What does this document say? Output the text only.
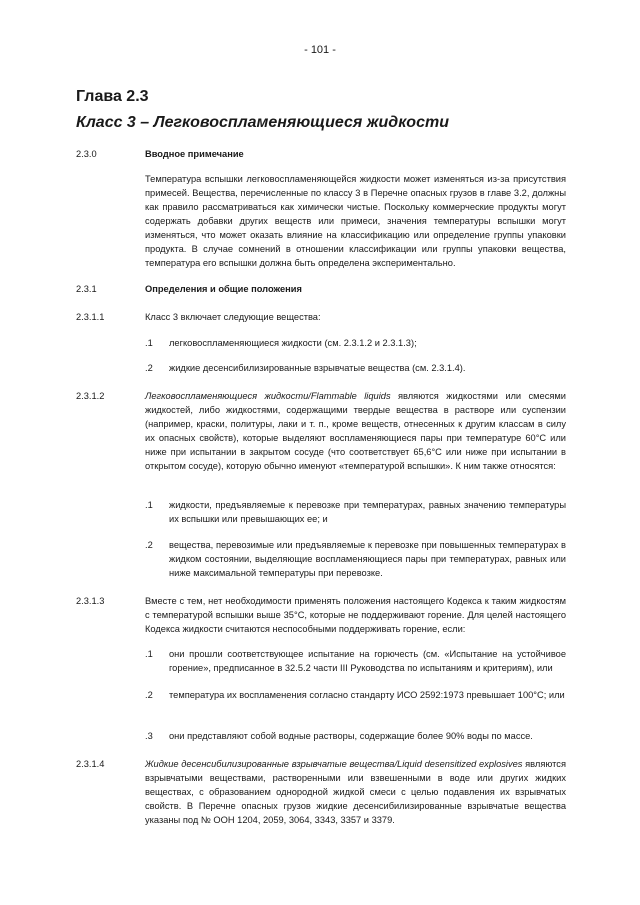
- 101 -
Глава 2.3
Класс 3 – Легковоспламеняющиеся жидкости
2.3.0	Вводное примечание
Температура вспышки легковоспламеняющейся жидкости может изменяться из-за присутствия примесей. Вещества, перечисленные по классу 3 в Перечне опасных грузов в главе 3.2, должны как правило рассматриваться как химически чистые. Поскольку коммерческие продукты могут содержать добавки других веществ или примеси, значения температуры вспышки могут изменяться, что может оказать влияние на классификацию или определение группы упаковки продукта. В случае сомнений в отношении классификации или группы упаковки вещества, температура его вспышки должна быть определена экспериментально.
2.3.1	Определения и общие положения
2.3.1.1	Класс 3 включает следующие вещества:
.1	легковоспламеняющиеся жидкости (см. 2.3.1.2 и 2.3.1.3);
.2	жидкие десенсибилизированные взрывчатые вещества (см. 2.3.1.4).
2.3.1.2	Легковоспламеняющиеся жидкости/Flammable liquids являются жидкостями или смесями жидкостей, либо жидкостями, содержащими твердые вещества в растворе или суспензии (например, краски, политуры, лаки и т. п., кроме веществ, отнесенных к другим классам в силу их опасных свойств), которые выделяют воспламеняющиеся пары при температуре 60°C или ниже при испытании в закрытом сосуде (что соответствует 65,6°C или ниже при испытании в открытом сосуде), которую обычно именуют «температурой вспышки». К ним также относятся:
.1	жидкости, предъявляемые к перевозке при температурах, равных значению температуры их вспышки или превышающих ее; и
.2	вещества, перевозимые или предъявляемые к перевозке при повышенных температурах в жидком состоянии, выделяющие воспламеняющиеся пары при температурах, равных или ниже максимальной температуры при перевозке.
2.3.1.3	Вместе с тем, нет необходимости применять положения настоящего Кодекса к таким жидкостям с температурой вспышки выше 35°C, которые не поддерживают горение. Для целей настоящего Кодекса жидкости считаются неспособными поддерживать горение, если:
.1	они прошли соответствующее испытание на горючесть (см. «Испытание на устойчивое горение», предписанное в 32.5.2 части III Руководства по испытаниям и критериям), или
.2	температура их воспламенения согласно стандарту ИСО 2592:1973 превышает 100°C; или
.3	они представляют собой водные растворы, содержащие более 90% воды по массе.
2.3.1.4	Жидкие десенсибилизированные взрывчатые вещества/Liquid desensitized explosives являются взрывчатыми веществами, растворенными или взвешенными в воде или других жидких веществах, с образованием однородной жидкой смеси с целью подавления их взрывчатых свойств. В Перечне опасных грузов жидкие десенсибилизированные взрывчатые вещества указаны под № ООН 1204, 2059, 3064, 3343, 3357 и 3379.
